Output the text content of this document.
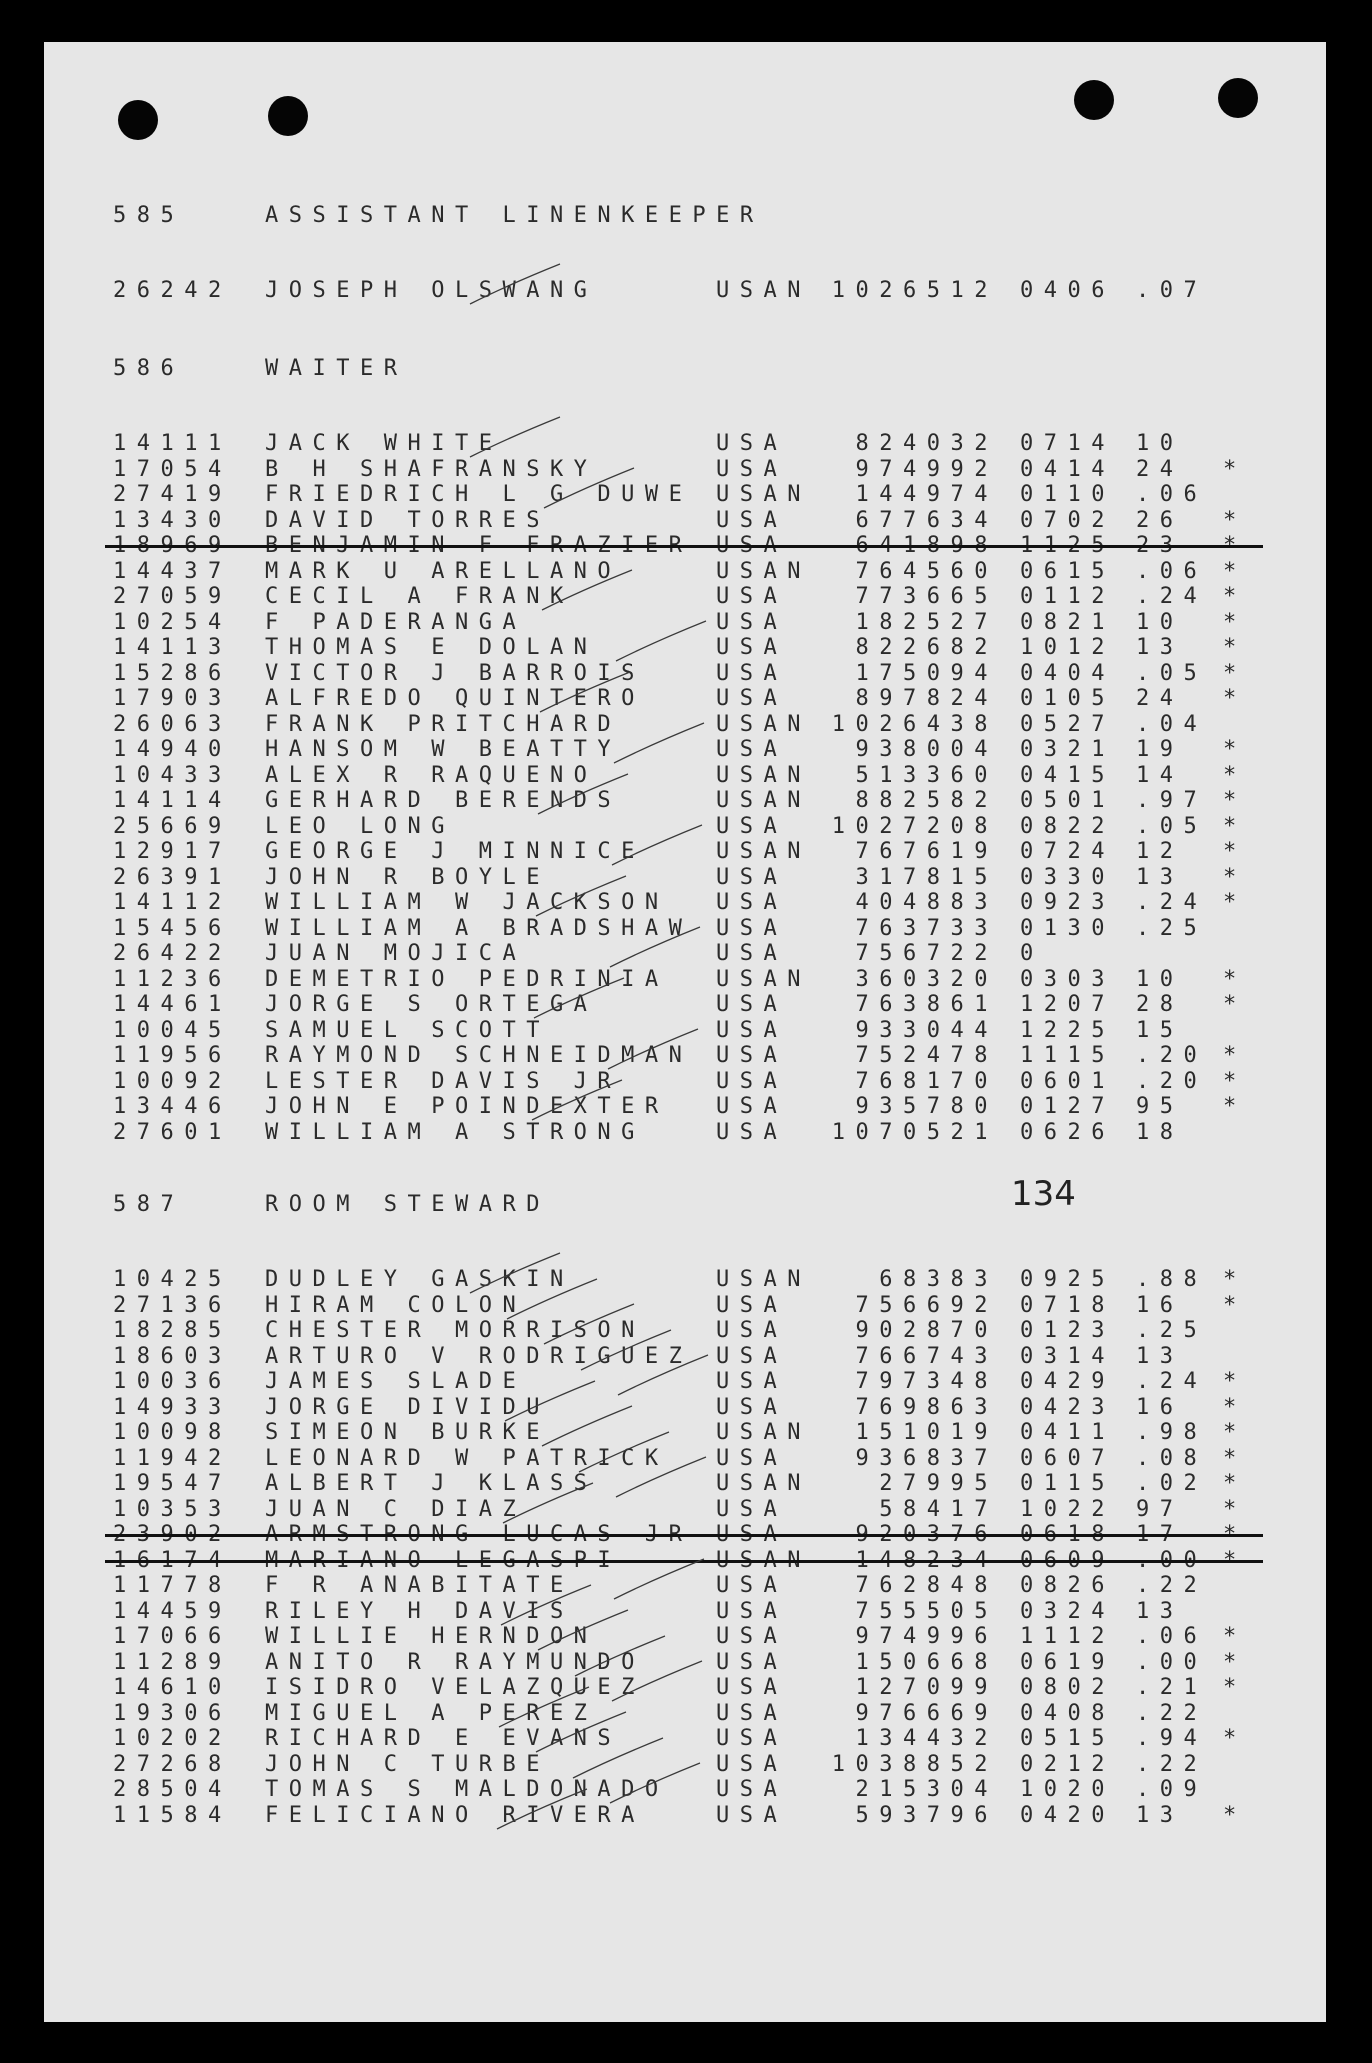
585	ASSISTANT LINENKEEPER
26242 JOSEPH OLSWANG	USAN 1026512 0406 .07
586	WAITER
14111 JACK WHITE	USA	824032 0714 10
17054 B H SHAFRANSKY	USA	974992 0414 24 *
27419 FRIEDRICH L G DUWE USAN	144974 0110 .06
13430 DAVID TORRES	USA	677634 0702 26 *
18969 BENJAMIN F FRAZIER USA	641898 1125 23 *
14437 MARK U ARELLANO	USAN	764560 0615 .06 *
27059 CECIL A FRANK	USA	773665 0112 .24 *
10254 F PADERANGA	USA	182527 0821 10 *
14113 THOMAS E DOLAN	USA	822682 1012 13 *
15286 VICTOR J BARROIS	USA	175094 0404 .05 *
17903 ALFREDO QUINTERO	USA	897824 0105 24 *
26063 FRANK PRITCHARD	USAN 1026438 0527 .04
14940 HANSOM W BEATTY	USA	938004 0321 19 *
10433 ALEX R RAQUENO	USAN	513360 0415 14 *
14114 GERHARD BERENDS	USAN	882582 0501 .97 *
25669 LEO LONG	USA 1027208 0822 .05 *
12917 GEORGE J MINNICE	USAN	767619 0724 12 *
26391 JOHN R BOYLE	USA	317815 0330 13 *
14112 WILLIAM W JACKSON USA	404883 0923 .24 *
15456 WILLIAM A BRADSHAW USA	763733 0130 .25
26422 JUAN MOJICA	USA	756722 0
11236 DEMETRIO PEDRINIA USAN	360320 0303 10 *
14461 JORGE S ORTEGA	USA	763861 1207 28 *
10045 SAMUEL SCOTT	USA	933044 1225 15
11956 RAYMOND SCHNEIDMAN USA	752478 1115 .20 *
10092 LESTER DAVIS JR	USA	768170 0601 .20 *
13446 JOHN E POINDEXTER USA	935780 0127 95 *
27601 WILLIAM A STRONG	USA 1070521 0626 18
587	ROOM STEWARD
10425 DUDLEY GASKIN	USAN	68383 0925 .88 *
27136 HIRAM COLON	USA	756692 0718 16 *
18285 CHESTER MORRISON	USA	902870 0123 .25
18603 ARTURO V RODRIGUEZ USA	766743 0314 13
10036 JAMES SLADE	USA	797348 0429 .24 *
14933 JORGE DIVIDU	USA	769863 0423 16 *
10098 SIMEON BURKE	USAN	151019 0411 .98 *
11942 LEONARD W PATRICK USA	936837 0607 .08 *
19547 ALBERT J KLASS	USAN	27995 0115 .02 *
10353 JUAN C DIAZ	USA	58417 1022 97 *
23902 ARMSTRONG LUCAS JR USA	920376 0618 17 *
16174 MARIANO LEGASPI	USAN	148234 0609 .00 *
11778 F R ANABITATE	USA	762848 0826 .22
14459 RILEY H DAVIS	USA	755505 0324 13
17066 WILLIE HERNDON	USA	974996 1112 .06 *
11289 ANITO R RAYMUNDO	USA	150668 0619 .00 *
14610 ISIDRO VELAZQUEZ	USA	127099 0802 .21 *
19306 MIGUEL A PEREZ	USA	976669 0408 .22
10202 RICHARD E EVANS	USA	134432 0515 .94 *
27268 JOHN C TURBE	USA 1038852 0212 .22
28504 TOMAS S MALDONADO USA	215304 1020 .09
11584 FELICIANO RIVERA	USA	593796 0420 13 *
134
